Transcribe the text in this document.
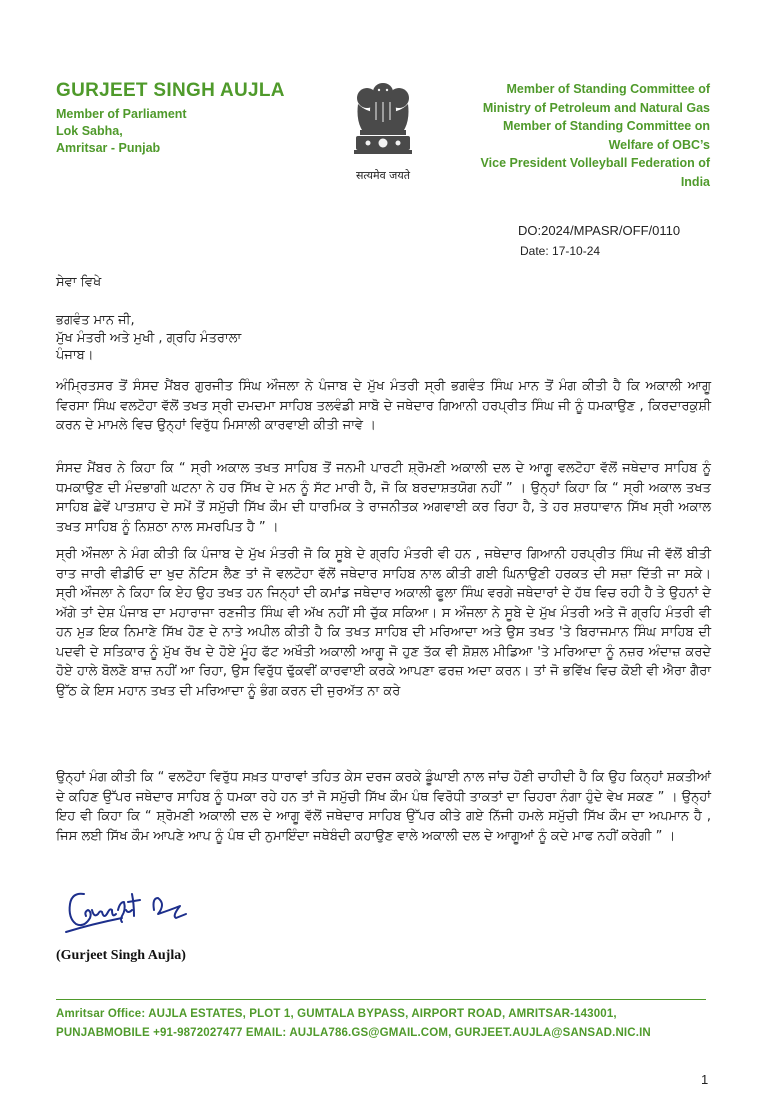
GURJEET SINGH AUJLA
Member of Parliament
Lok Sabha,
Amritsar - Punjab
सत्यमेव जयते
Member of Standing Committee of
Ministry of Petroleum and Natural Gas
Member of Standing Committee on
Welfare of OBC’s
Vice President Volleyball Federation of
India
DO:2024/MPASR/OFF/0110
Date: 17-10-24
ਸੇਵਾ ਵਿਖੇ
ਭਗਵੰਤ ਮਾਨ ਜੀ,
ਮੁੱਖ ਮੰਤਰੀ ਅਤੇ ਮੁਖੀ , ਗ੍ਰਹਿ ਮੰਤਰਾਲਾ
ਪੰਜਾਬ।

ਅੰਮ੍ਰਿਤਸਰ ਤੋਂ ਸੰਸਦ ਮੈਂਬਰ ਗੁਰਜੀਤ ਸਿੰਘ ਔਜਲਾ ਨੇ ਪੰਜਾਬ ਦੇ ਮੁੱਖ ਮੰਤਰੀ ਸ੍ਰੀ ਭਗਵੰਤ ਸਿੰਘ ਮਾਨ ਤੋਂ ਮੰਗ ਕੀਤੀ ਹੈ ਕਿ ਅਕਾਲੀ ਆਗੂ ਵਿਰਸਾ ਸਿੰਘ ਵਲਟੋਹਾ ਵੱਲੋਂ ਤਖਤ ਸ੍ਰੀ ਦਮਦਮਾ ਸਾਹਿਬ ਤਲਵੰਡੀ ਸਾਬੋ ਦੇ ਜਥੇਦਾਰ ਗਿਆਨੀ ਹਰਪ੍ਰੀਤ ਸਿੰਘ ਜੀ ਨੂੰ ਧਮਕਾਉਣ , ਕਿਰਦਾਰਕੁਸ਼ੀ ਕਰਨ ਦੇ ਮਾਮਲੇ ਵਿਚ ਉਨ੍ਹਾਂ ਵਿਰੁੱਧ ਮਿਸਾਲੀ ਕਾਰਵਾਈ ਕੀਤੀ ਜਾਵੇ ।

ਸੰਸਦ ਮੈਂਬਰ ਨੇ ਕਿਹਾ ਕਿ “ ਸ੍ਰੀ ਅਕਾਲ ਤਖਤ ਸਾਹਿਬ ਤੋਂ ਜਨਮੀ ਪਾਰਟੀ ਸ਼੍ਰੋਮਣੀ ਅਕਾਲੀ ਦਲ ਦੇ ਆਗੂ ਵਲਟੋਹਾ ਵੱਲੋਂ ਜਥੇਦਾਰ ਸਾਹਿਬ ਨੂੰ ਧਮਕਾਉਣ ਦੀ ਮੰਦਭਾਗੀ ਘਟਨਾ ਨੇ ਹਰ ਸਿੱਖ ਦੇ ਮਨ ਨੂੰ ਸੱਟ ਮਾਰੀ ਹੈ, ਜੋ ਕਿ ਬਰਦਾਸ਼ਤਯੋਗ ਨਹੀਂ ” । ਉਨ੍ਹਾਂ ਕਿਹਾ ਕਿ “ ਸ੍ਰੀ ਅਕਾਲ ਤਖਤ ਸਾਹਿਬ ਛੇਵੇਂ ਪਾਤਸ਼ਾਹ ਦੇ ਸਮੇਂ ਤੋਂ ਸਮੁੱਚੀ ਸਿੱਖ ਕੌਮ ਦੀ ਧਾਰਮਿਕ ਤੇ ਰਾਜਨੀਤਕ ਅਗਵਾਈ ਕਰ ਰਿਹਾ ਹੈ, ਤੇ ਹਰ ਸ਼ਰਧਾਵਾਨ ਸਿੱਖ ਸ੍ਰੀ ਅਕਾਲ ਤਖਤ ਸਾਹਿਬ ਨੂੰ ਨਿਸ਼ਠਾ ਨਾਲ ਸਮਰਪਿਤ ਹੈ ” ।

ਸ੍ਰੀ ਔਜਲਾ ਨੇ ਮੰਗ ਕੀਤੀ ਕਿ ਪੰਜਾਬ ਦੇ ਮੁੱਖ ਮੰਤਰੀ ਜੋ ਕਿ ਸੂਬੇ ਦੇ ਗ੍ਰਹਿ ਮੰਤਰੀ ਵੀ ਹਨ , ਜਥੇਦਾਰ ਗਿਆਨੀ ਹਰਪ੍ਰੀਤ ਸਿੰਘ ਜੀ ਵੱਲੋਂ ਬੀਤੀ ਰਾਤ ਜਾਰੀ ਵੀਡੀਓ ਦਾ ਖੁਦ ਨੋਟਿਸ ਲੈਣ ਤਾਂ ਜੋ ਵਲਟੋਹਾ ਵੱਲੋਂ ਜਥੇਦਾਰ ਸਾਹਿਬ ਨਾਲ ਕੀਤੀ ਗਈ ਘਿਨਾਉਣੀ ਹਰਕਤ ਦੀ ਸਜ਼ਾ ਦਿੱਤੀ ਜਾ ਸਕੇ। ਸ੍ਰੀ ਔਜਲਾ ਨੇ ਕਿਹਾ ਕਿ ਏਹ ਉਹ ਤਖਤ ਹਨ ਜਿਨ੍ਹਾਂ ਦੀ ਕਮਾਂਡ ਜਥੇਦਾਰ ਅਕਾਲੀ ਫੂਲਾ ਸਿੰਘ ਵਰਗੇ ਜਥੇਦਾਰਾਂ ਦੇ ਹੱਥ ਵਿਚ ਰਹੀ ਹੈ ਤੇ ਉਹਨਾਂ ਦੇ ਅੱਗੇ ਤਾਂ ਦੇਸ਼ ਪੰਜਾਬ ਦਾ ਮਹਾਰਾਜਾ ਰਣਜੀਤ ਸਿੰਘ ਵੀ ਅੱਖ ਨਹੀਂ ਸੀ ਚੁੱਕ ਸਕਿਆ। ਸ ਔਜਲਾ ਨੇ ਸੂਬੇ ਦੇ ਮੁੱਖ ਮੰਤਰੀ ਅਤੇ ਜੋ ਗ੍ਰਹਿ ਮੰਤਰੀ ਵੀ ਹਨ ਮੁੜ ਇਕ ਨਿਮਾਣੇ ਸਿੱਖ ਹੋਣ ਦੇ ਨਾਤੇ ਅਪੀਲ ਕੀਤੀ ਹੈ ਕਿ ਤਖਤ ਸਾਹਿਬ ਦੀ ਮਰਿਆਦਾ ਅਤੇ ਉਸ ਤਖਤ 'ਤੇ ਬਿਰਾਜਮਾਨ ਸਿੰਘ ਸਾਹਿਬ ਦੀ ਪਦਵੀ ਦੇ ਸਤਿਕਾਰ ਨੂੰ ਮੁੱਖ ਰੱਖ ਦੇ ਹੋਏ ਮੂੰਹ ਫੱਟ ਅਖੌਤੀ ਅਕਾਲੀ ਆਗੂ ਜੋ ਹੁਣ ਤੱਕ ਵੀ ਸ਼ੋਸ਼ਲ ਮੀਡਿਆ 'ਤੇ ਮਰਿਆਦਾ ਨੂੰ ਨਜ਼ਰ ਅੰਦਾਜ਼ ਕਰਦੇ ਹੋਏ ਹਾਲੇ ਬੋਲਣੋ ਬਾਜ਼ ਨਹੀਂ ਆ ਰਿਹਾ, ਉਸ ਵਿਰੁੱਧ ਢੁੱਕਵੀਂ ਕਾਰਵਾਈ ਕਰਕੇ ਆਪਣਾ ਫਰਜ਼ ਅਦਾ ਕਰਨ। ਤਾਂ ਜੋ ਭਵਿੱਖ ਵਿਚ ਕੋਈ ਵੀ ਐਰਾ ਗੈਰਾ ਉੱਠ ਕੇ ਇਸ ਮਹਾਨ ਤਖਤ ਦੀ ਮਰਿਆਦਾ ਨੂੰ ਭੰਗ ਕਰਨ ਦੀ ਜੁਰਅੱਤ ਨਾ ਕਰੇ

ਉਨ੍ਹਾਂ ਮੰਗ ਕੀਤੀ ਕਿ “ ਵਲਟੋਹਾ ਵਿਰੁੱਧ ਸਖ਼ਤ ਧਾਰਾਵਾਂ ਤਹਿਤ ਕੇਸ ਦਰਜ ਕਰਕੇ ਡੂੰਘਾਈ ਨਾਲ ਜਾਂਚ ਹੋਣੀ ਚਾਹੀਦੀ ਹੈ ਕਿ ਉਹ ਕਿਨ੍ਹਾਂ ਸ਼ਕਤੀਆਂ ਦੇ ਕਹਿਣ ਉੱਪਰ ਜਥੇਦਾਰ ਸਾਹਿਬ ਨੂੰ ਧਮਕਾ ਰਹੇ ਹਨ ਤਾਂ ਜੋ ਸਮੁੱਚੀ ਸਿੱਖ ਕੌਮ ਪੰਥ ਵਿਰੋਧੀ ਤਾਕਤਾਂ ਦਾ ਚਿਹਰਾ ਨੰਗਾ ਹੁੰਦੇ ਵੇਖ ਸਕਣ ” । ਉਨ੍ਹਾਂ ਇਹ ਵੀ ਕਿਹਾ ਕਿ “ ਸ਼੍ਰੋਮਣੀ ਅਕਾਲੀ ਦਲ ਦੇ ਆਗੂ ਵੱਲੋਂ ਜਥੇਦਾਰ ਸਾਹਿਬ ਉੱਪਰ ਕੀਤੇ ਗਏ ਨਿੱਜੀ ਹਮਲੇ ਸਮੁੱਚੀ ਸਿੱਖ ਕੌਮ ਦਾ ਅਪਮਾਨ ਹੈ , ਜਿਸ ਲਈ ਸਿੱਖ ਕੌਮ ਆਪਣੇ ਆਪ ਨੂੰ ਪੰਥ ਦੀ ਨੁਮਾਇੰਦਾ ਜਥੇਬੰਦੀ ਕਹਾਉਣ ਵਾਲੇ ਅਕਾਲੀ ਦਲ ਦੇ ਆਗੂਆਂ ਨੂੰ ਕਦੇ ਮਾਫ ਨਹੀਂ ਕਰੇਗੀ ” ।

(Gurjeet Singh Aujla)
Amritsar Office: AUJLA ESTATES, PLOT 1, GUMTALA BYPASS, AIRPORT ROAD, AMRITSAR-143001,
PUNJABMOBILE +91-9872027477 EMAIL: AUJLA786.GS@GMAIL.COM, GURJEET.AUJLA@SANSAD.NIC.IN
1
